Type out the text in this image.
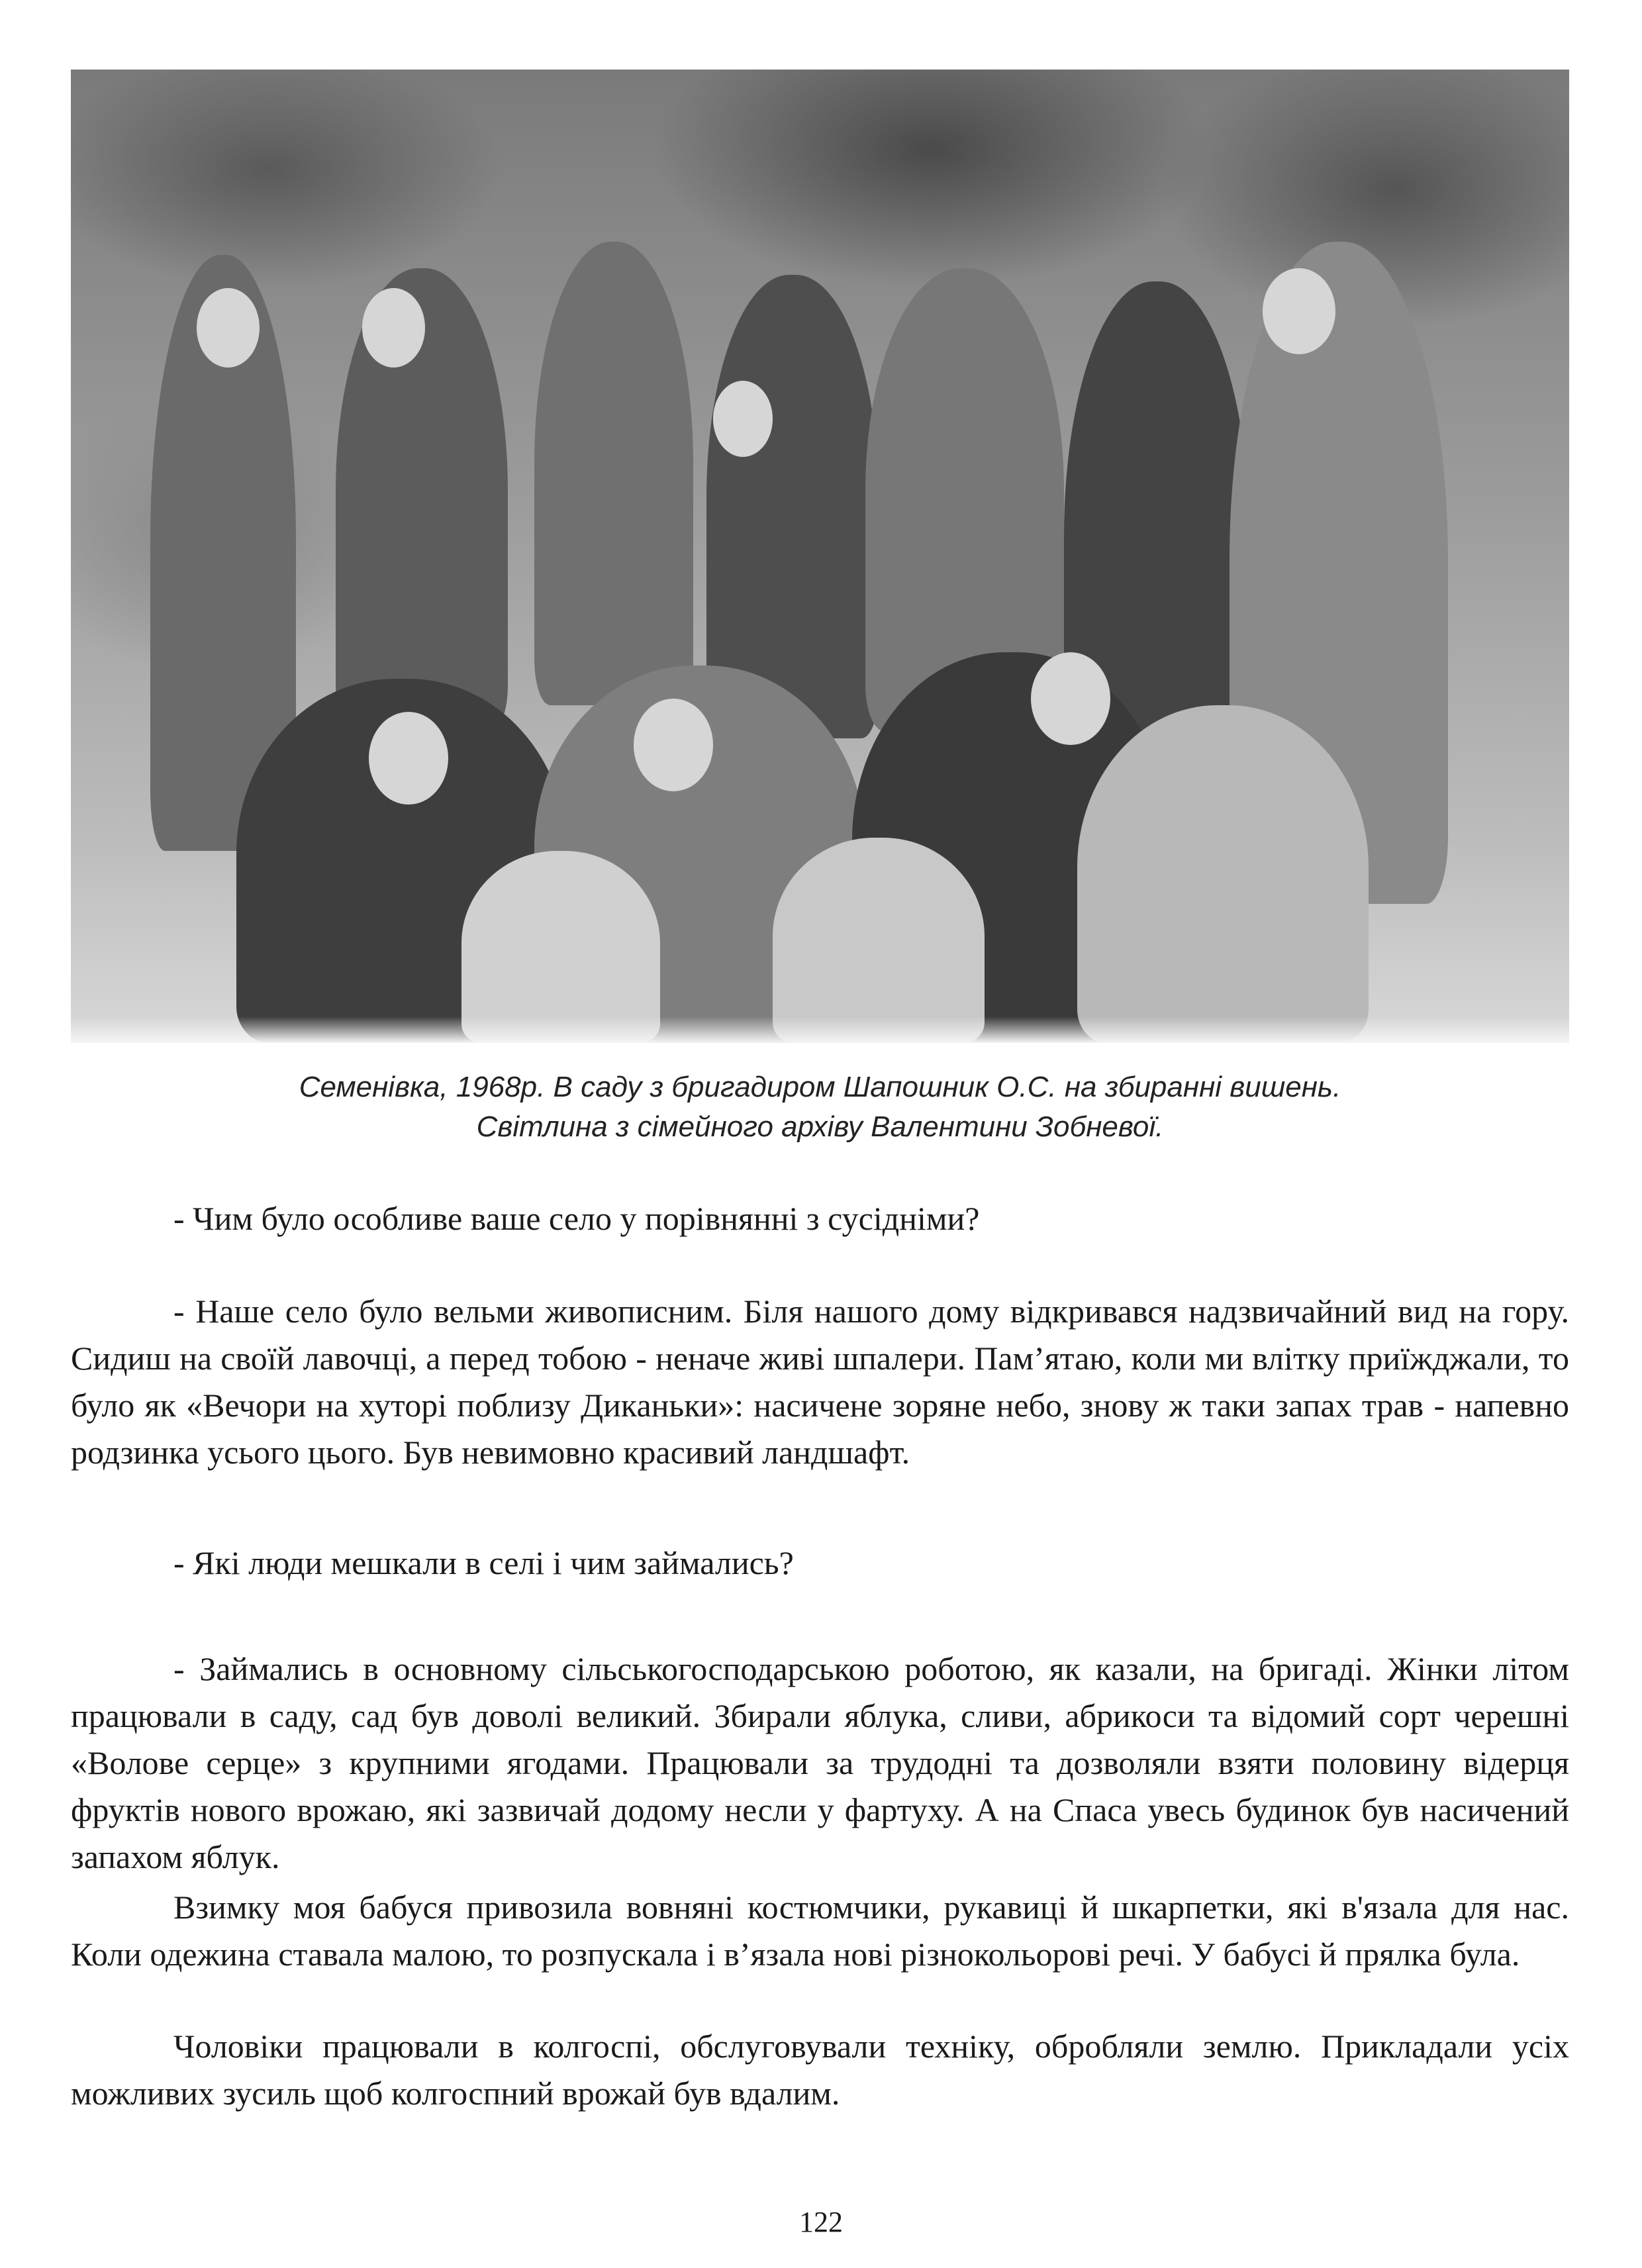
Семенівка, 1968р. В саду з бригадиром Шапошник О.С. на збиранні вишень.
Світлина з сімейного архіву Валентини Зобневої.

- Чим було особливе ваше село у порівнянні з сусідніми?

- Наше село було вельми живописним. Біля нашого дому відкривався надзвичайний вид на гору. Сидиш на своїй лавочці, а перед тобою - неначе живі шпалери. Пам’ятаю, коли ми влітку приїжджали, то було як «Вечори на хуторі поблизу Диканьки»: насичене зоряне небо, знову ж таки запах трав - напевно родзинка усього цього. Був невимовно красивий ландшафт.

- Які люди мешкали в селі і чим займались?

- Займались в основному сільськогосподарською роботою, як казали, на бригаді. Жінки літом працювали в саду, сад був доволі великий. Збирали яблука, сливи, абрикоси та відомий сорт черешні «Волове серце» з крупними ягодами. Працювали за трудодні та дозволяли взяти половину відерця фруктів нового врожаю, які зазвичай додому несли у фартуху. А на Спаса увесь будинок був насичений запахом яблук.

Взимку моя бабуся привозила вовняні костюмчики, рукавиці й шкарпетки, які в'язала для нас. Коли одежина ставала малою, то розпускала і в’язала нові різнокольорові речі. У бабусі й прялка була.

Чоловіки працювали в колгоспі, обслуговували техніку, обробляли землю. Прикладали усіх можливих зусиль щоб колгоспний врожай був вдалим.

122
